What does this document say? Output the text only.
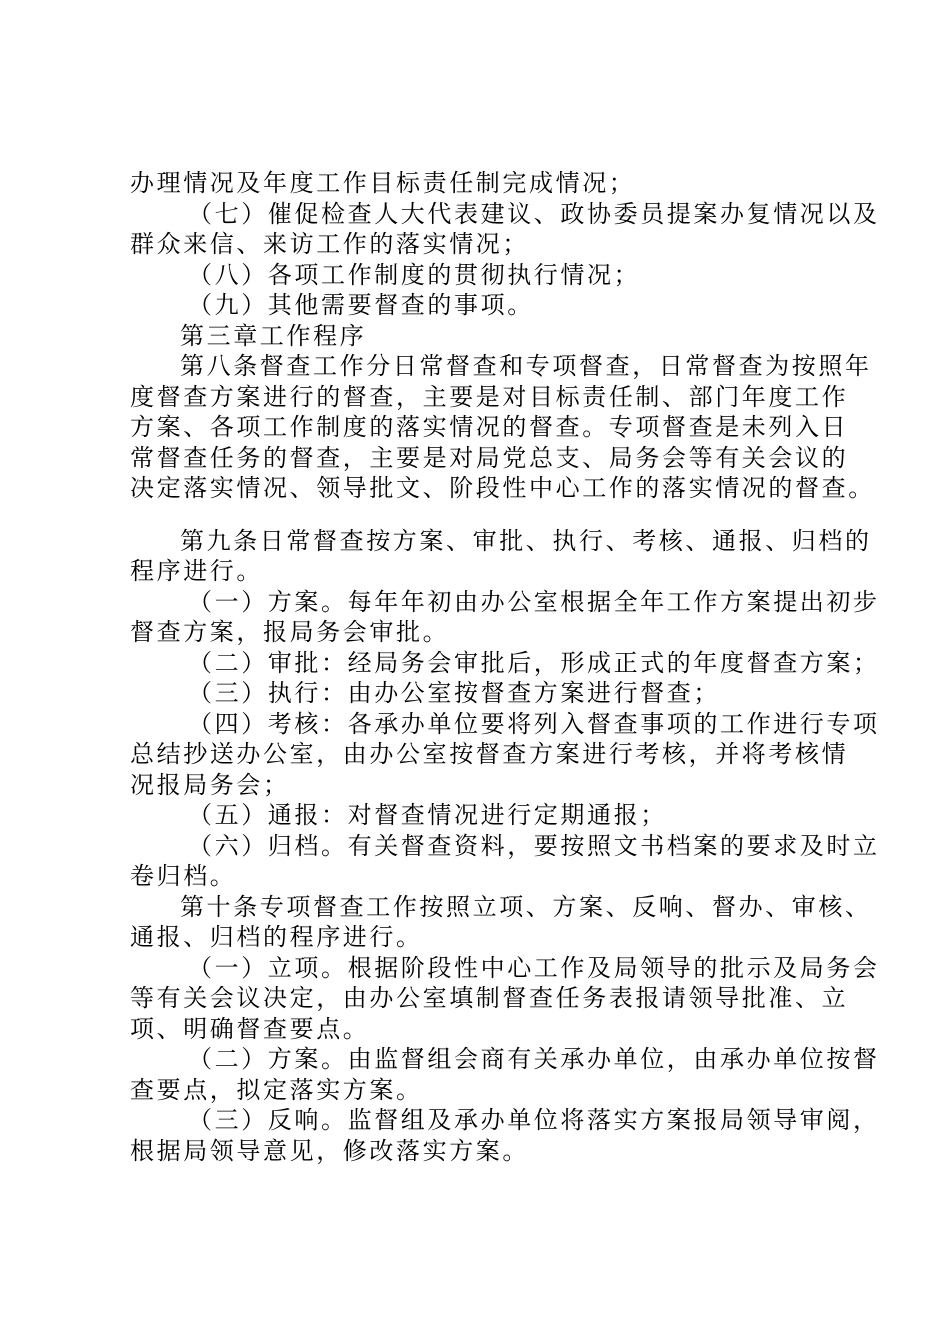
办理情况及年度工作目标责任制完成情况；
（七）催促检查人大代表建议、政协委员提案办复情况以及
群众来信、来访工作的落实情况；
（八）各项工作制度的贯彻执行情况；
（九）其他需要督查的事项。
第三章工作程序
第八条督查工作分日常督查和专项督查，日常督查为按照年
度督查方案进行的督查，主要是对目标责任制、部门年度工作
方案、各项工作制度的落实情况的督查。专项督查是未列入日
常督查任务的督查，主要是对局党总支、局务会等有关会议的
决定落实情况、领导批文、阶段性中心工作的落实情况的督查。
第九条日常督查按方案、审批、执行、考核、通报、归档的
程序进行。
（一）方案。每年年初由办公室根据全年工作方案提出初步
督查方案，报局务会审批。
（二）审批：经局务会审批后，形成正式的年度督查方案；
（三）执行：由办公室按督查方案进行督查；
（四）考核：各承办单位要将列入督查事项的工作进行专项
总结抄送办公室，由办公室按督查方案进行考核，并将考核情
况报局务会；
（五）通报：对督查情况进行定期通报；
（六）归档。有关督查资料，要按照文书档案的要求及时立
卷归档。
第十条专项督查工作按照立项、方案、反响、督办、审核、
通报、归档的程序进行。
（一）立项。根据阶段性中心工作及局领导的批示及局务会
等有关会议决定，由办公室填制督查任务表报请领导批准、立
项、明确督查要点。
（二）方案。由监督组会商有关承办单位，由承办单位按督
查要点，拟定落实方案。
（三）反响。监督组及承办单位将落实方案报局领导审阅，
根据局领导意见，修改落实方案。
